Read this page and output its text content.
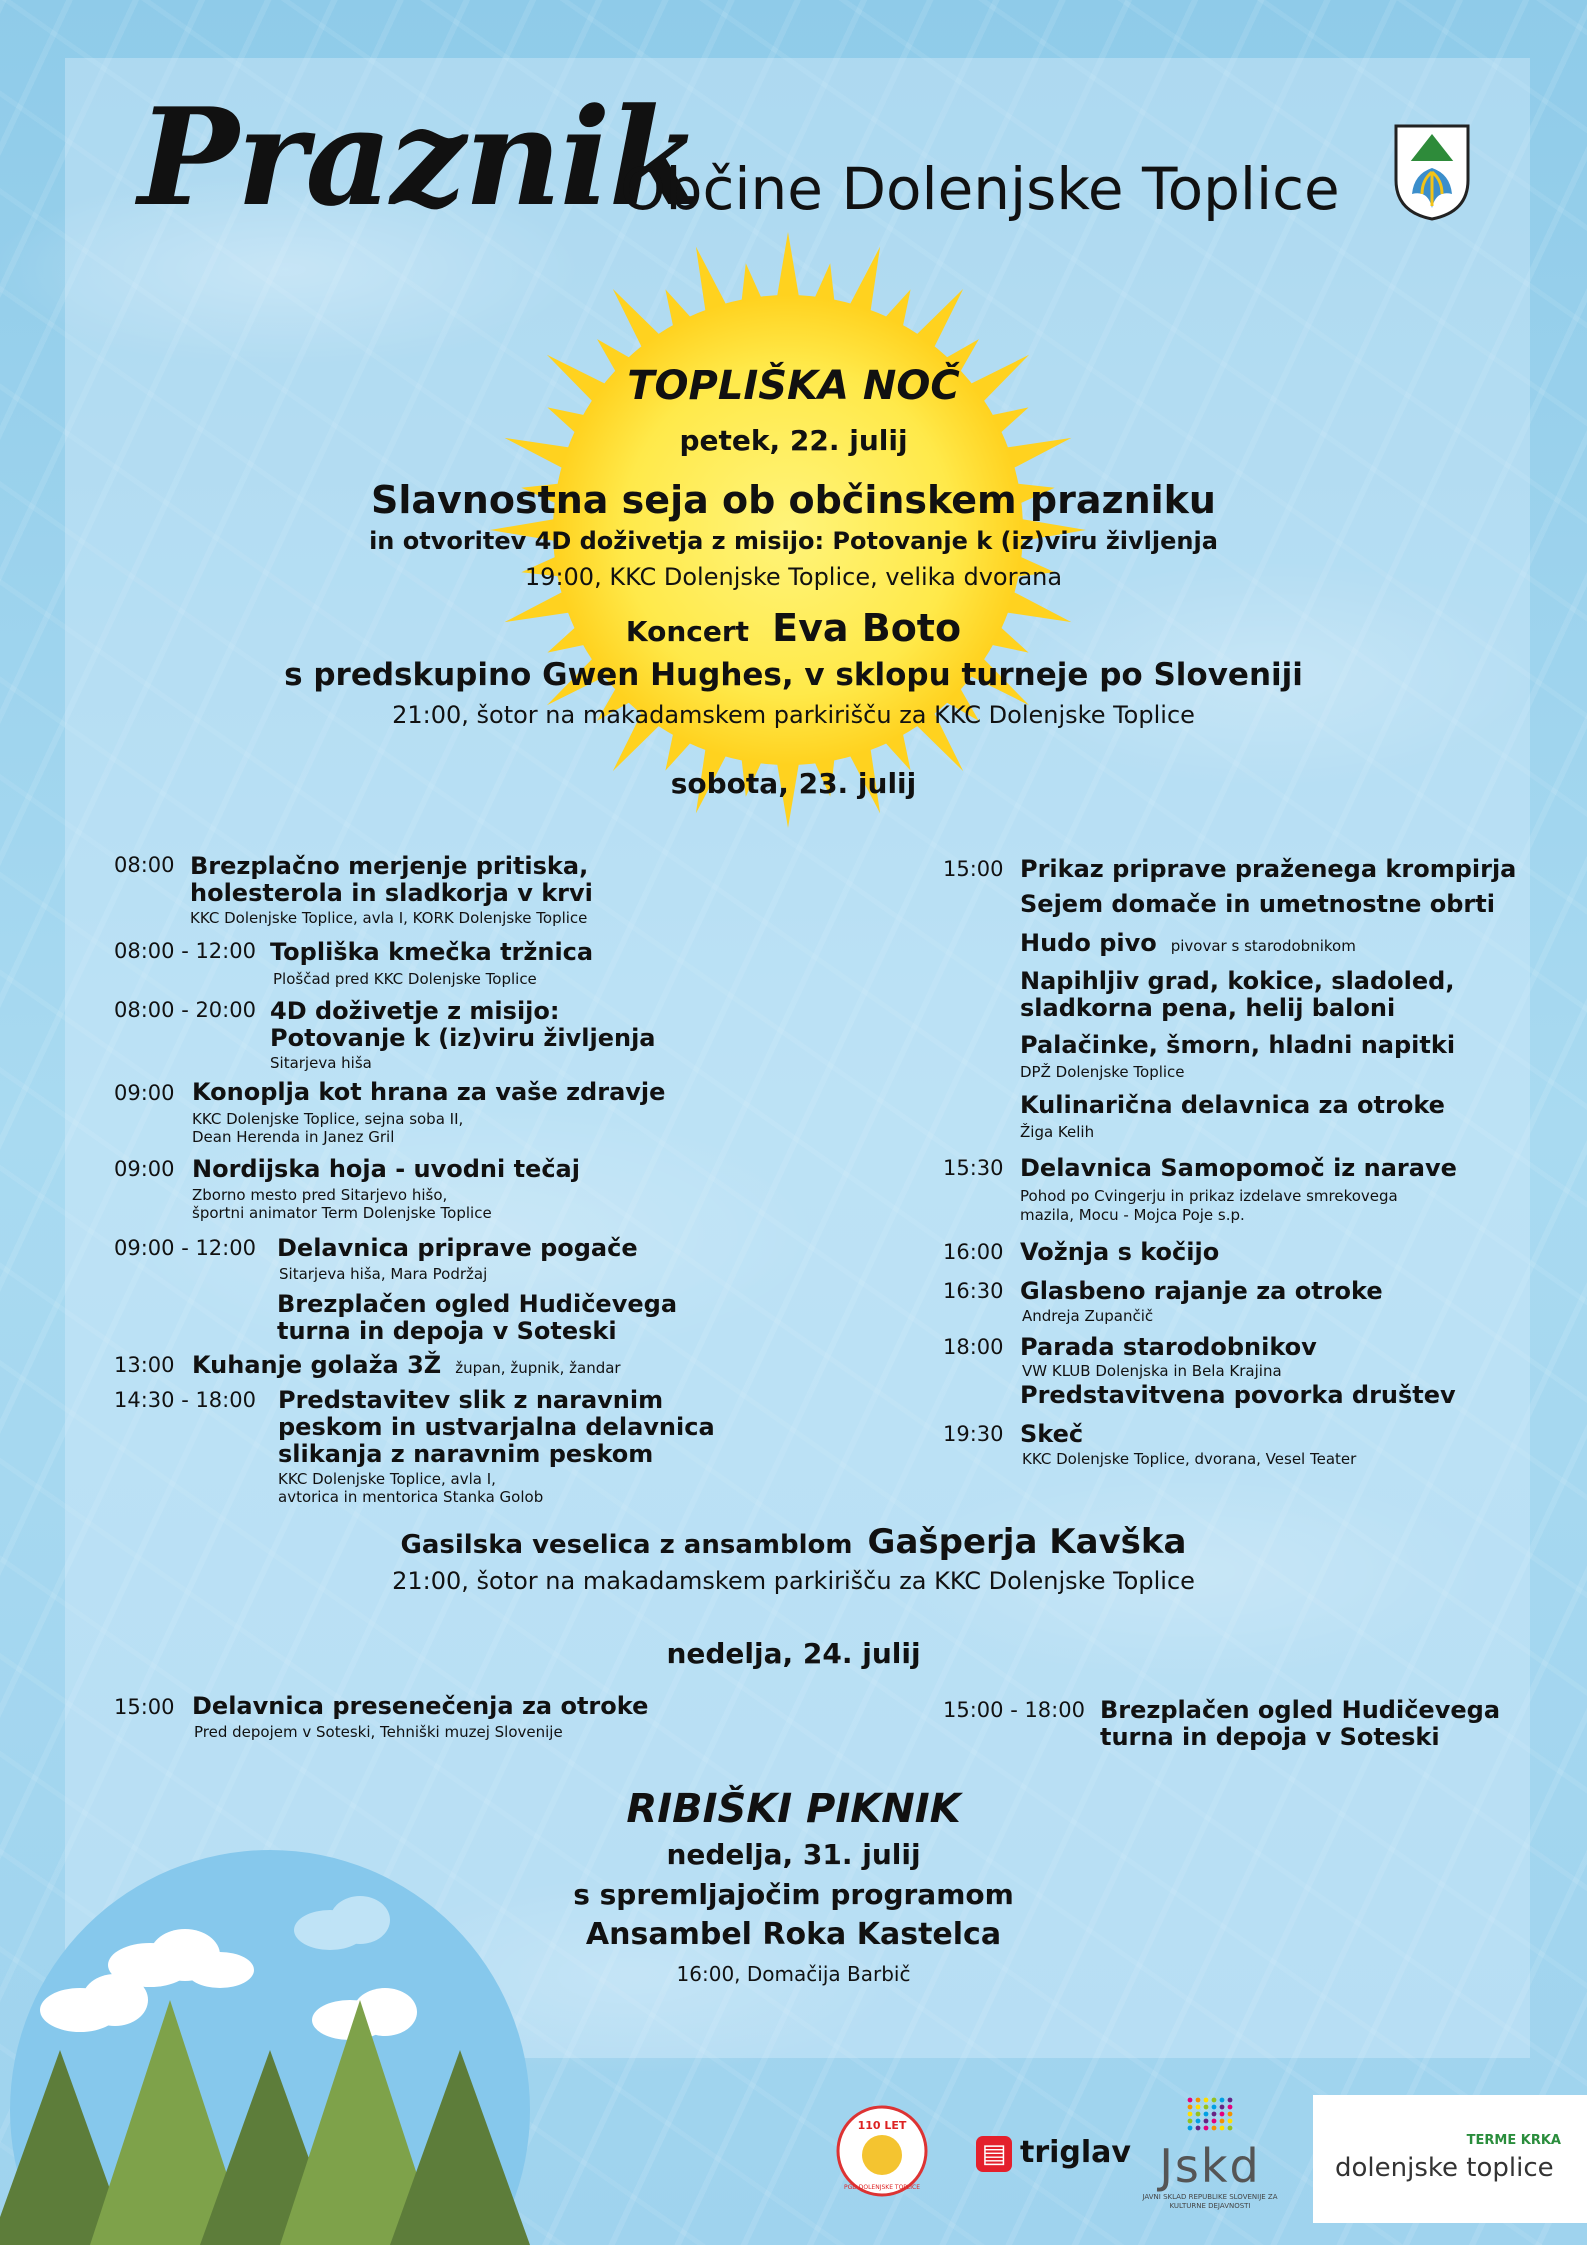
Praznik
Občine Dolenjske Toplice
TOPLIŠKA NOČ
petek, 22. julij
Slavnostna seja ob občinskem prazniku
in otvoritev 4D doživetja z misijo: Potovanje k (iz)viru življenja
19:00, KKC Dolenjske Toplice, velika dvorana
Koncert Eva Boto
s predskupino Gwen Hughes, v sklopu turneje po Sloveniji
21:00, šotor na makadamskem parkirišču za KKC Dolenjske Toplice
sobota, 23. julij
08:00 Brezplačno merjenje pritiska,
holesterola in sladkorja v krvi
KKC Dolenjske Toplice, avla I, KORK Dolenjske Toplice
08:00 - 12:00 Topliška kmečka tržnica
Ploščad pred KKC Dolenjske Toplice
08:00 - 20:00 4D doživetje z misijo:
Potovanje k (iz)viru življenja
Sitarjeva hiša
09:00 Konoplja kot hrana za vaše zdravje
KKC Dolenjske Toplice, sejna soba II,
Dean Herenda in Janez Gril
09:00 Nordijska hoja - uvodni tečaj
Zborno mesto pred Sitarjevo hišo,
športni animator Term Dolenjske Toplice
09:00 - 12:00 Delavnica priprave pogače
Sitarjeva hiša, Mara Podržaj
Brezplačen ogled Hudičevega
turna in depoja v Soteski
13:00 Kuhanje golaža 3Ž župan, župnik, žandar
14:30 - 18:00 Predstavitev slik z naravnim
peskom in ustvarjalna delavnica
slikanja z naravnim peskom
KKC Dolenjske Toplice, avla I,
avtorica in mentorica Stanka Golob
15:00 Prikaz priprave praženega krompirja
Sejem domače in umetnostne obrti
Hudo pivo pivovar s starodobnikom
Napihljiv grad, kokice, sladoled,
sladkorna pena, helij baloni
Palačinke, šmorn, hladni napitki
DPŽ Dolenjske Toplice
Kulinarična delavnica za otroke
Žiga Kelih
15:30 Delavnica Samopomoč iz narave
Pohod po Cvingerju in prikaz izdelave smrekovega
mazila, Mocu - Mojca Poje s.p.
16:00 Vožnja s kočijo
16:30 Glasbeno rajanje za otroke
Andreja Zupančič
18:00 Parada starodobnikov
VW KLUB Dolenjska in Bela Krajina
Predstavitvena povorka društev
19:30 Skeč
KKC Dolenjske Toplice, dvorana, Vesel Teater
Gasilska veselica z ansamblom Gašperja Kavška
21:00, šotor na makadamskem parkirišču za KKC Dolenjske Toplice
nedelja, 24. julij
15:00 Delavnica presenečenja za otroke
Pred depojem v Soteski, Tehniški muzej Slovenije
15:00 - 18:00 Brezplačen ogled Hudičevega
turna in depoja v Soteski
RIBIŠKI PIKNIK
nedelja, 31. julij
s spremljajočim programom
Ansambel Roka Kastelca
16:00, Domačija Barbič
110 LET
PGD DOLENJSKE TOPLICE
▤ triglav Jskd
JAVNI SKLAD REPUBLIKE SLOVENIJE ZA KULTURNE DEJAVNOSTI
TERME KRKA
dolenjske toplice
